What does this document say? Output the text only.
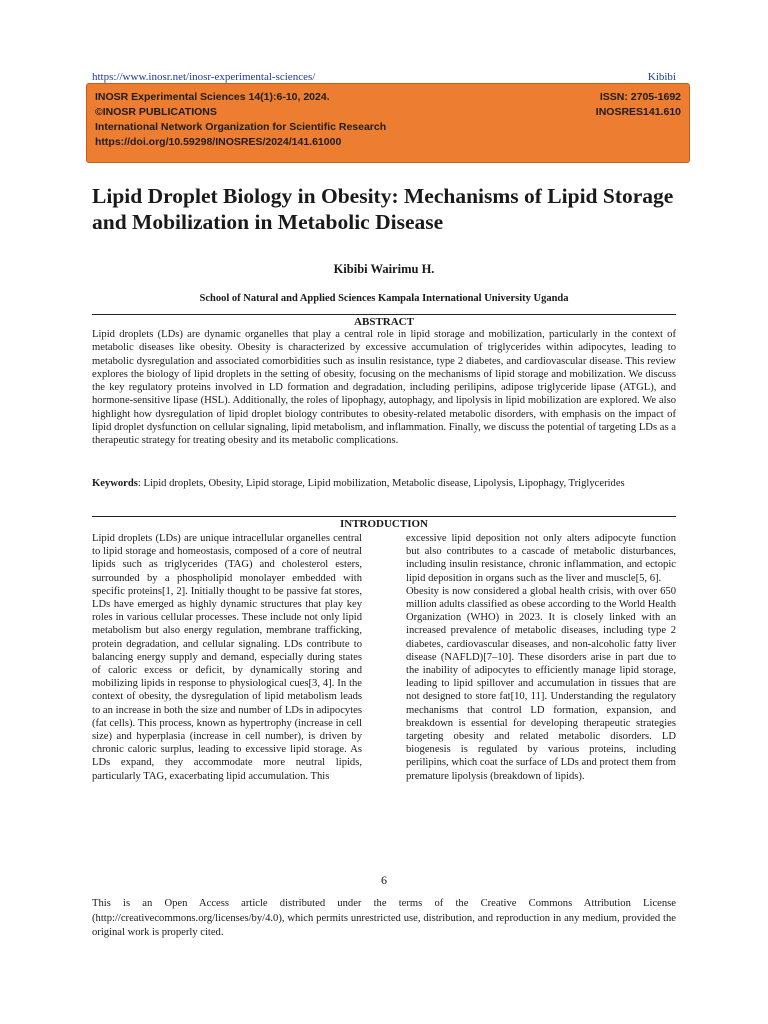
https://www.inosr.net/inosr-experimental-sciences/	Kibibi
INOSR Experimental Sciences 14(1):6-10, 2024.	ISSN: 2705-1692
©INOSR PUBLICATIONS	INOSRES141.610
International Network Organization for Scientific Research
https://doi.org/10.59298/INOSRES/2024/141.61000
Lipid Droplet Biology in Obesity: Mechanisms of Lipid Storage and Mobilization in Metabolic Disease
Kibibi Wairimu H.
School of Natural and Applied Sciences Kampala International University Uganda
ABSTRACT

Lipid droplets (LDs) are dynamic organelles that play a central role in lipid storage and mobilization, particularly in the context of metabolic diseases like obesity. Obesity is characterized by excessive accumulation of triglycerides within adipocytes, leading to metabolic dysregulation and associated comorbidities such as insulin resistance, type 2 diabetes, and cardiovascular disease. This review explores the biology of lipid droplets in the setting of obesity, focusing on the mechanisms of lipid storage and mobilization. We discuss the key regulatory proteins involved in LD formation and degradation, including perilipins, adipose triglyceride lipase (ATGL), and hormone-sensitive lipase (HSL). Additionally, the roles of lipophagy, autophagy, and lipolysis in lipid mobilization are explored. We also highlight how dysregulation of lipid droplet biology contributes to obesity-related metabolic disorders, with emphasis on the impact of lipid droplet dysfunction on cellular signaling, lipid metabolism, and inflammation. Finally, we discuss the potential of targeting LDs as a therapeutic strategy for treating obesity and its metabolic complications.

Keywords: Lipid droplets, Obesity, Lipid storage, Lipid mobilization, Metabolic disease, Lipolysis, Lipophagy, Triglycerides

INTRODUCTION

Lipid droplets (LDs) are unique intracellular organelles central to lipid storage and homeostasis, composed of a core of neutral lipids such as triglycerides (TAG) and cholesterol esters, surrounded by a phospholipid monolayer embedded with specific proteins[1, 2]. Initially thought to be passive fat stores, LDs have emerged as highly dynamic structures that play key roles in various cellular processes. These include not only lipid metabolism but also energy regulation, membrane trafficking, protein degradation, and cellular signaling. LDs contribute to balancing energy supply and demand, especially during states of caloric excess or deficit, by dynamically storing and mobilizing lipids in response to physiological cues[3, 4]. In the context of obesity, the dysregulation of lipid metabolism leads to an increase in both the size and number of LDs in adipocytes (fat cells). This process, known as hypertrophy (increase in cell size) and hyperplasia (increase in cell number), is driven by chronic caloric surplus, leading to excessive lipid storage. As LDs expand, they accommodate more neutral lipids, particularly TAG, exacerbating lipid accumulation. This

excessive lipid deposition not only alters adipocyte function but also contributes to a cascade of metabolic disturbances, including insulin resistance, chronic inflammation, and ectopic lipid deposition in organs such as the liver and muscle[5, 6].

Obesity is now considered a global health crisis, with over 650 million adults classified as obese according to the World Health Organization (WHO) in 2023. It is closely linked with an increased prevalence of metabolic diseases, including type 2 diabetes, cardiovascular diseases, and non-alcoholic fatty liver disease (NAFLD)[7–10]. These disorders arise in part due to the inability of adipocytes to efficiently manage lipid storage, leading to lipid spillover and accumulation in tissues that are not designed to store fat[10, 11]. Understanding the regulatory mechanisms that control LD formation, expansion, and breakdown is essential for developing therapeutic strategies targeting obesity and related metabolic disorders. LD biogenesis is regulated by various proteins, including perilipins, which coat the surface of LDs and protect them from premature lipolysis (breakdown of lipids).

6

This is an Open Access article distributed under the terms of the Creative Commons Attribution License (http://creativecommons.org/licenses/by/4.0), which permits unrestricted use, distribution, and reproduction in any medium, provided the original work is properly cited.
